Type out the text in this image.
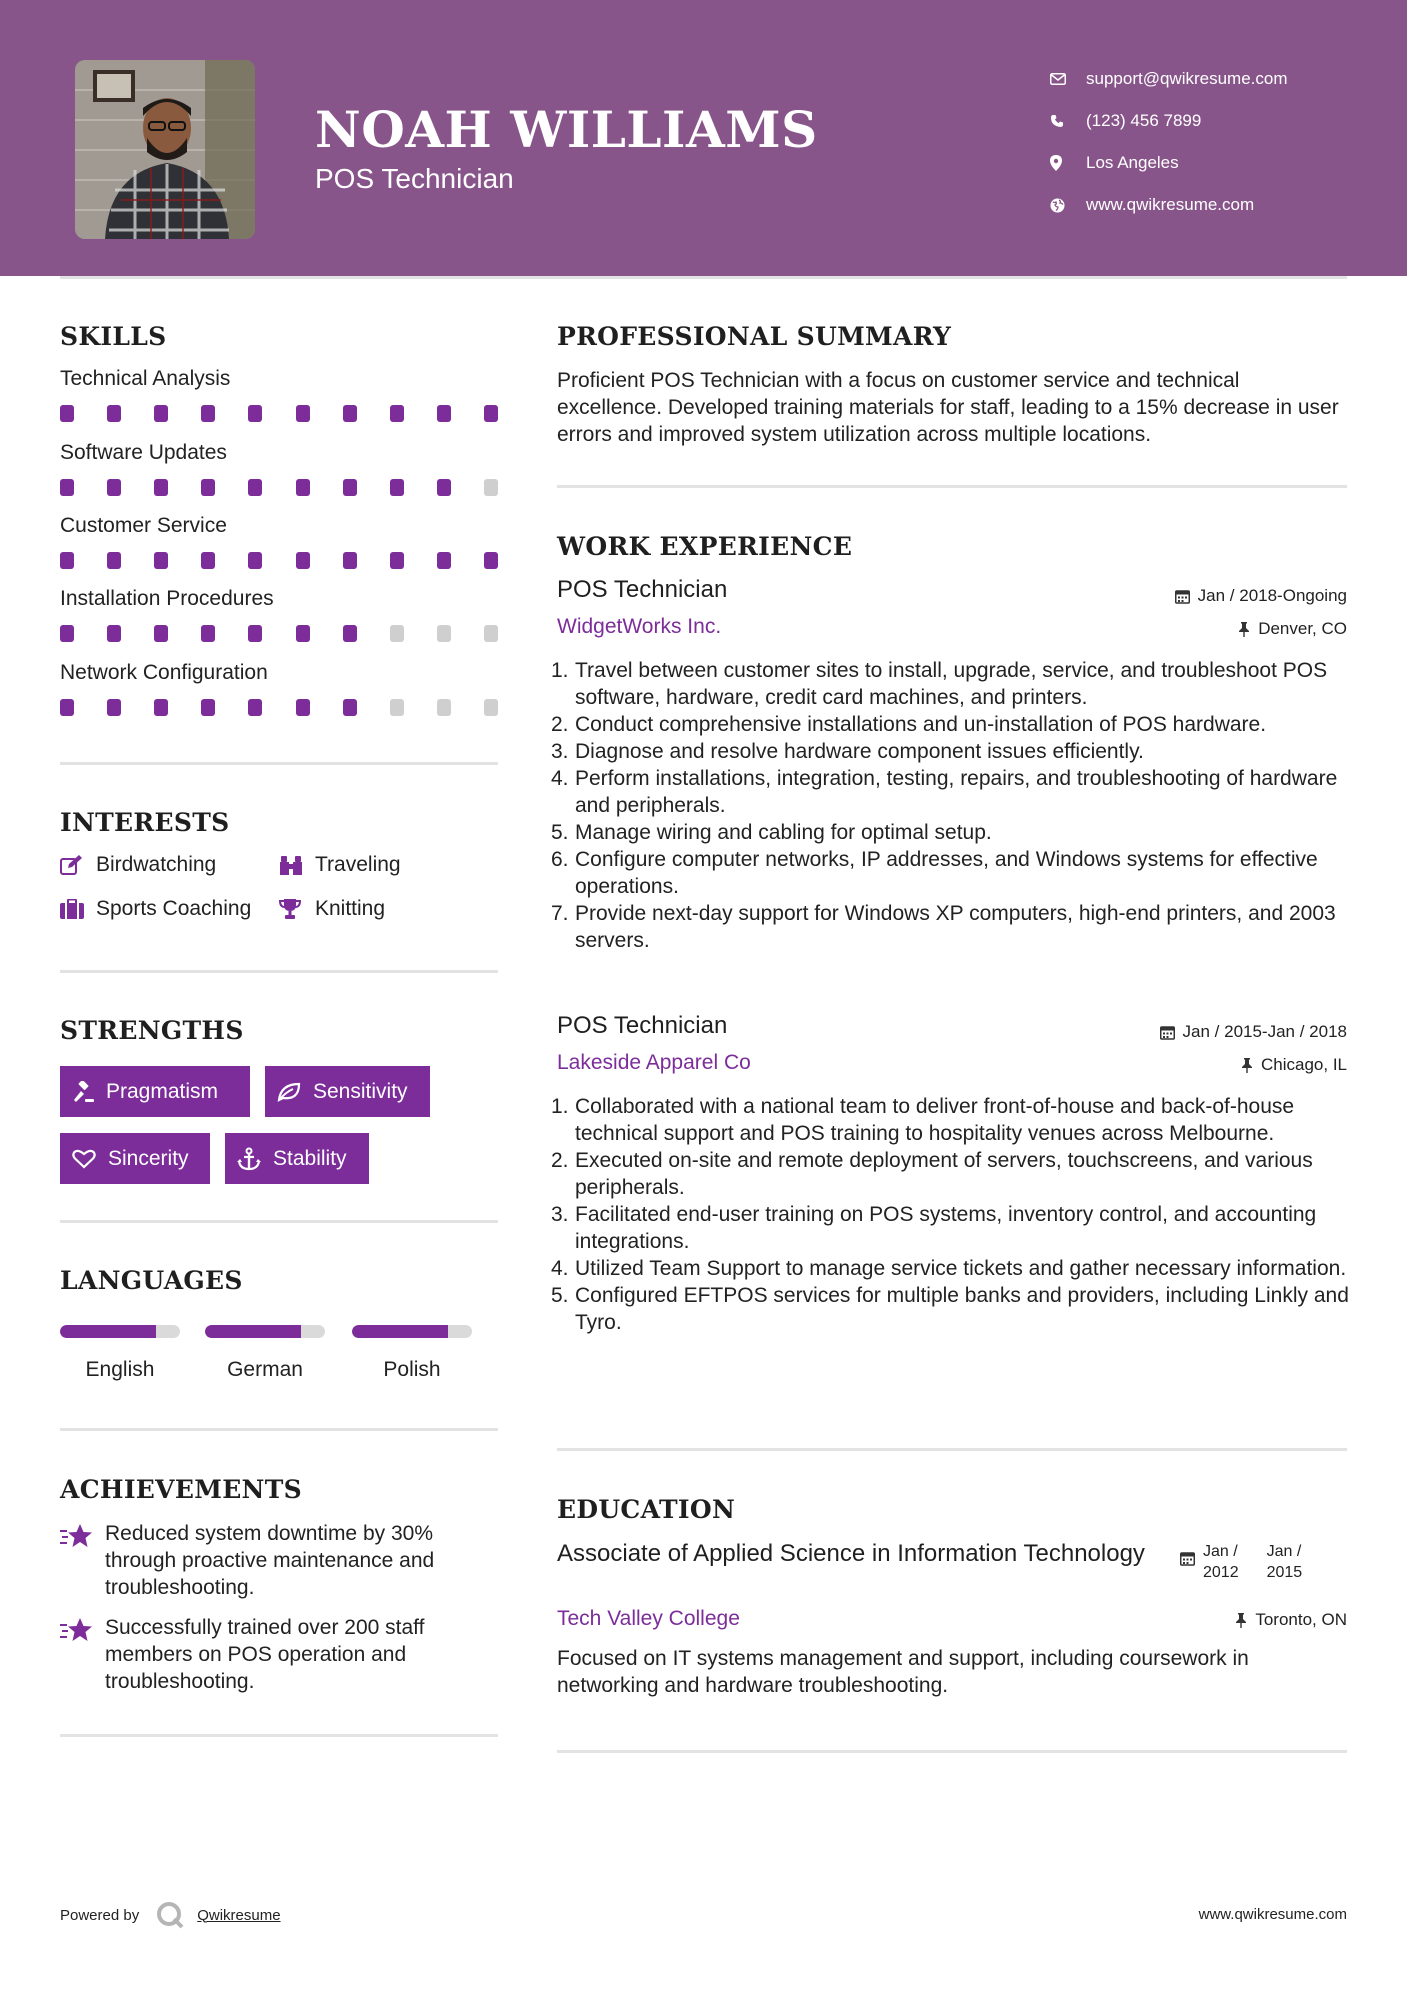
NOAH WILLIAMS
POS Technician
support@qwikresume.com
(123) 456 7899
Los Angeles
www.qwikresume.com
SKILLS
Technical Analysis
Software Updates
Customer Service
Installation Procedures
Network Configuration
INTERESTS
Birdwatching	Traveling
Sports Coaching	Knitting
STRENGTHS
Pragmatism	Sensitivity
Sincerity	Stability
LANGUAGES
English	German	Polish
ACHIEVEMENTS
Reduced system downtime by 30% through proactive maintenance and troubleshooting.
Successfully trained over 200 staff members on POS operation and troubleshooting.
PROFESSIONAL SUMMARY
Proficient POS Technician with a focus on customer service and technical excellence. Developed training materials for staff, leading to a 15% decrease in user errors and improved system utilization across multiple locations.
WORK EXPERIENCE
POS Technician	Jan / 2018-Ongoing
WidgetWorks Inc.	Denver, CO
1. Travel between customer sites to install, upgrade, service, and troubleshoot POS software, hardware, credit card machines, and printers.
2. Conduct comprehensive installations and un-installation of POS hardware.
3. Diagnose and resolve hardware component issues efficiently.
4. Perform installations, integration, testing, repairs, and troubleshooting of hardware and peripherals.
5. Manage wiring and cabling for optimal setup.
6. Configure computer networks, IP addresses, and Windows systems for effective operations.
7. Provide next-day support for Windows XP computers, high-end printers, and 2003 servers.
POS Technician	Jan / 2015-Jan / 2018
Lakeside Apparel Co	Chicago, IL
1. Collaborated with a national team to deliver front-of-house and back-of-house technical support and POS training to hospitality venues across Melbourne.
2. Executed on-site and remote deployment of servers, touchscreens, and various peripherals.
3. Facilitated end-user training on POS systems, inventory control, and accounting integrations.
4. Utilized Team Support to manage service tickets and gather necessary information.
5. Configured EFTPOS services for multiple banks and providers, including Linkly and Tyro.
EDUCATION
Associate of Applied Science in Information Technology	Jan /
2012
Jan /
2015
Tech Valley College	Toronto, ON
Focused on IT systems management and support, including coursework in networking and hardware troubleshooting.
Powered by	Qwikresume	www.qwikresume.com
